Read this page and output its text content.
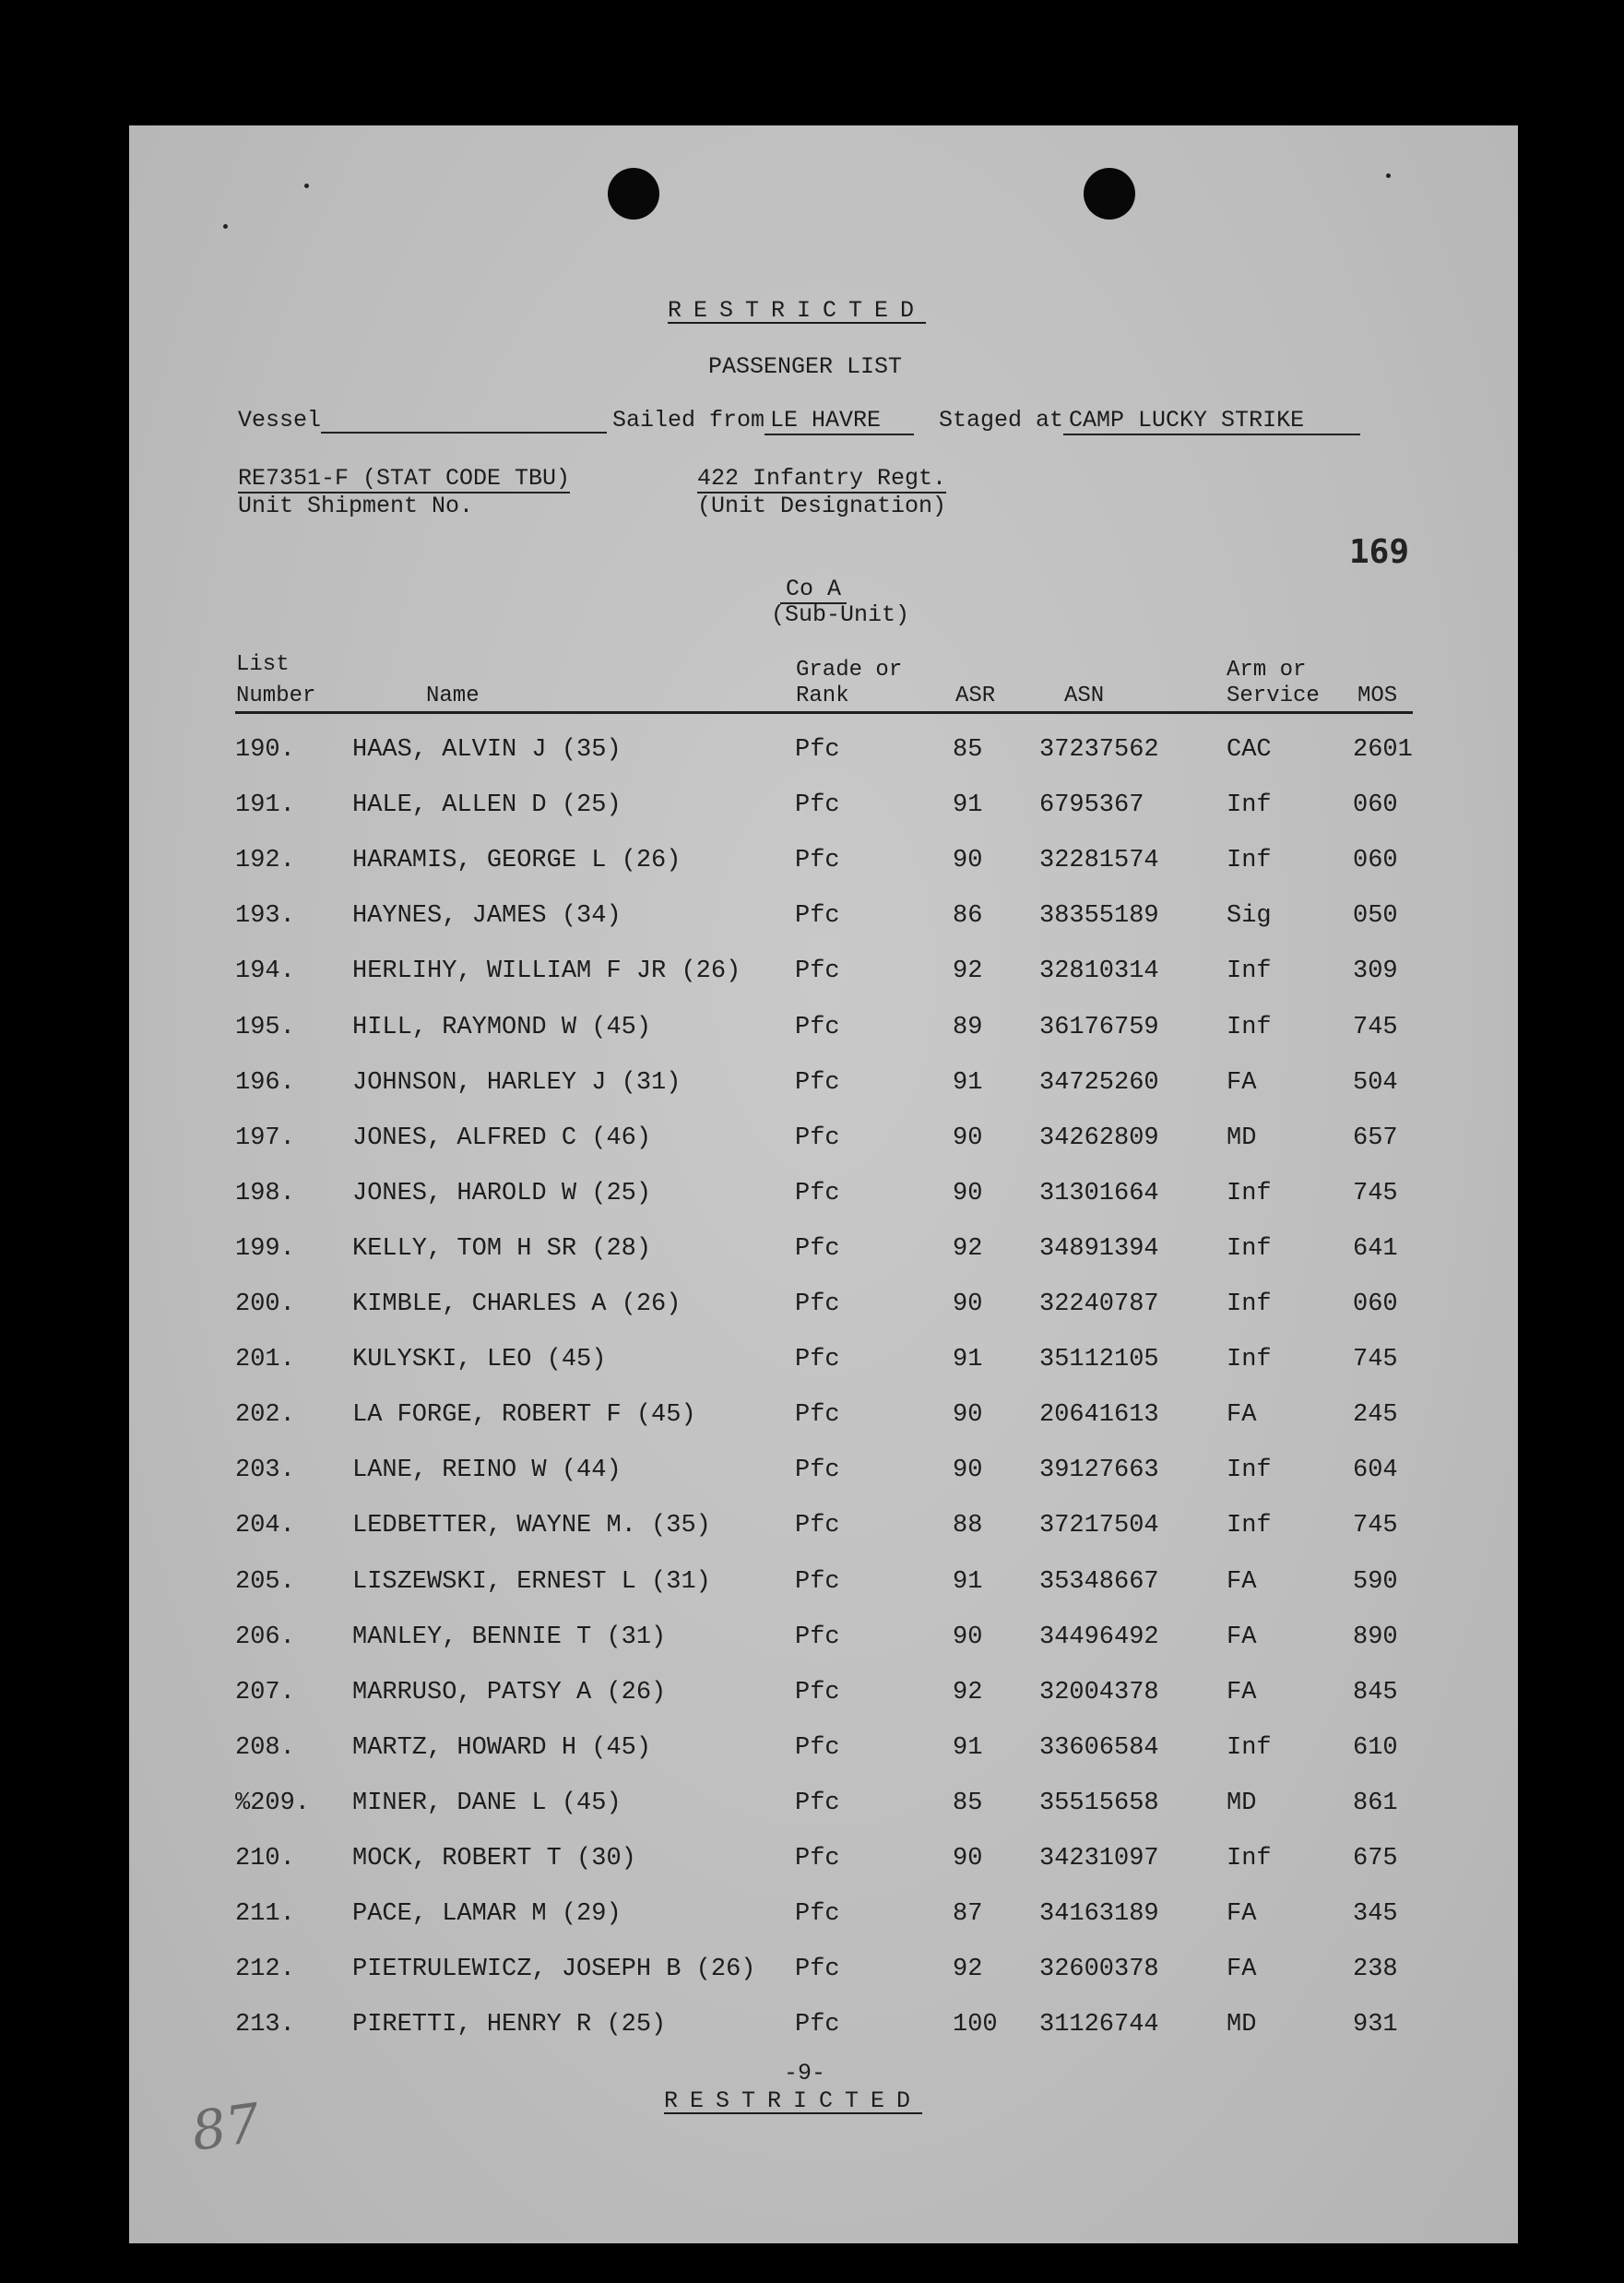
RESTRICTED
PASSENGER LIST
Vessel	Sailed from LE HAVRE	Staged at CAMP LUCKY STRIKE
RE7351-F (STAT CODE TBU)
Unit Shipment No.
422 Infantry Regt.
(Unit Designation)
169
Co A
(Sub-Unit)
List
Number	Name
Grade or
Rank	ASR	ASN
Arm or
Service MOS
190. HAAS, ALVIN J (35)	Pfc	85 37237562	CAC	2601
191. HALE, ALLEN D (25)	Pfc	91 6795367	Inf	060
192. HARAMIS, GEORGE L (26)	Pfc	90 32281574	Inf	060
193. HAYNES, JAMES (34)	Pfc	86 38355189	Sig	050
194. HERLIHY, WILLIAM F JR (26) Pfc	92 32810314	Inf	309
195. HILL, RAYMOND W (45)	Pfc	89 36176759	Inf	745
196. JOHNSON, HARLEY J (31)	Pfc	91 34725260	FA	504
197. JONES, ALFRED C (46)	Pfc	90 34262809	MD	657
198. JONES, HAROLD W (25)	Pfc	90 31301664	Inf	745
199. KELLY, TOM H SR (28)	Pfc	92 34891394	Inf	641
200. KIMBLE, CHARLES A (26)	Pfc	90 32240787	Inf	060
201. KULYSKI, LEO (45)	Pfc	91 35112105	Inf	745
202. LA FORGE, ROBERT F (45)	Pfc	90 20641613	FA	245
203. LANE, REINO W (44)	Pfc	90 39127663	Inf	604
204. LEDBETTER, WAYNE M. (35)	Pfc	88 37217504	Inf	745
205. LISZEWSKI, ERNEST L (31)	Pfc	91 35348667	FA	590
206. MANLEY, BENNIE T (31)	Pfc	90 34496492	FA	890
207. MARRUSO, PATSY A (26)	Pfc	92 32004378	FA	845
208. MARTZ, HOWARD H (45)	Pfc	91 33606584	Inf	610
%209. MINER, DANE L (45)	Pfc	85 35515658	MD	861
210. MOCK, ROBERT T (30)	Pfc	90 34231097	Inf	675
211. PACE, LAMAR M (29)	Pfc	87 34163189	FA	345
212. PIETRULEWICZ, JOSEPH B (26) Pfc	92 32600378	FA	238
213. PIRETTI, HENRY R (25)	Pfc	100 31126744	MD	931
-9-
RESTRICTED
87
